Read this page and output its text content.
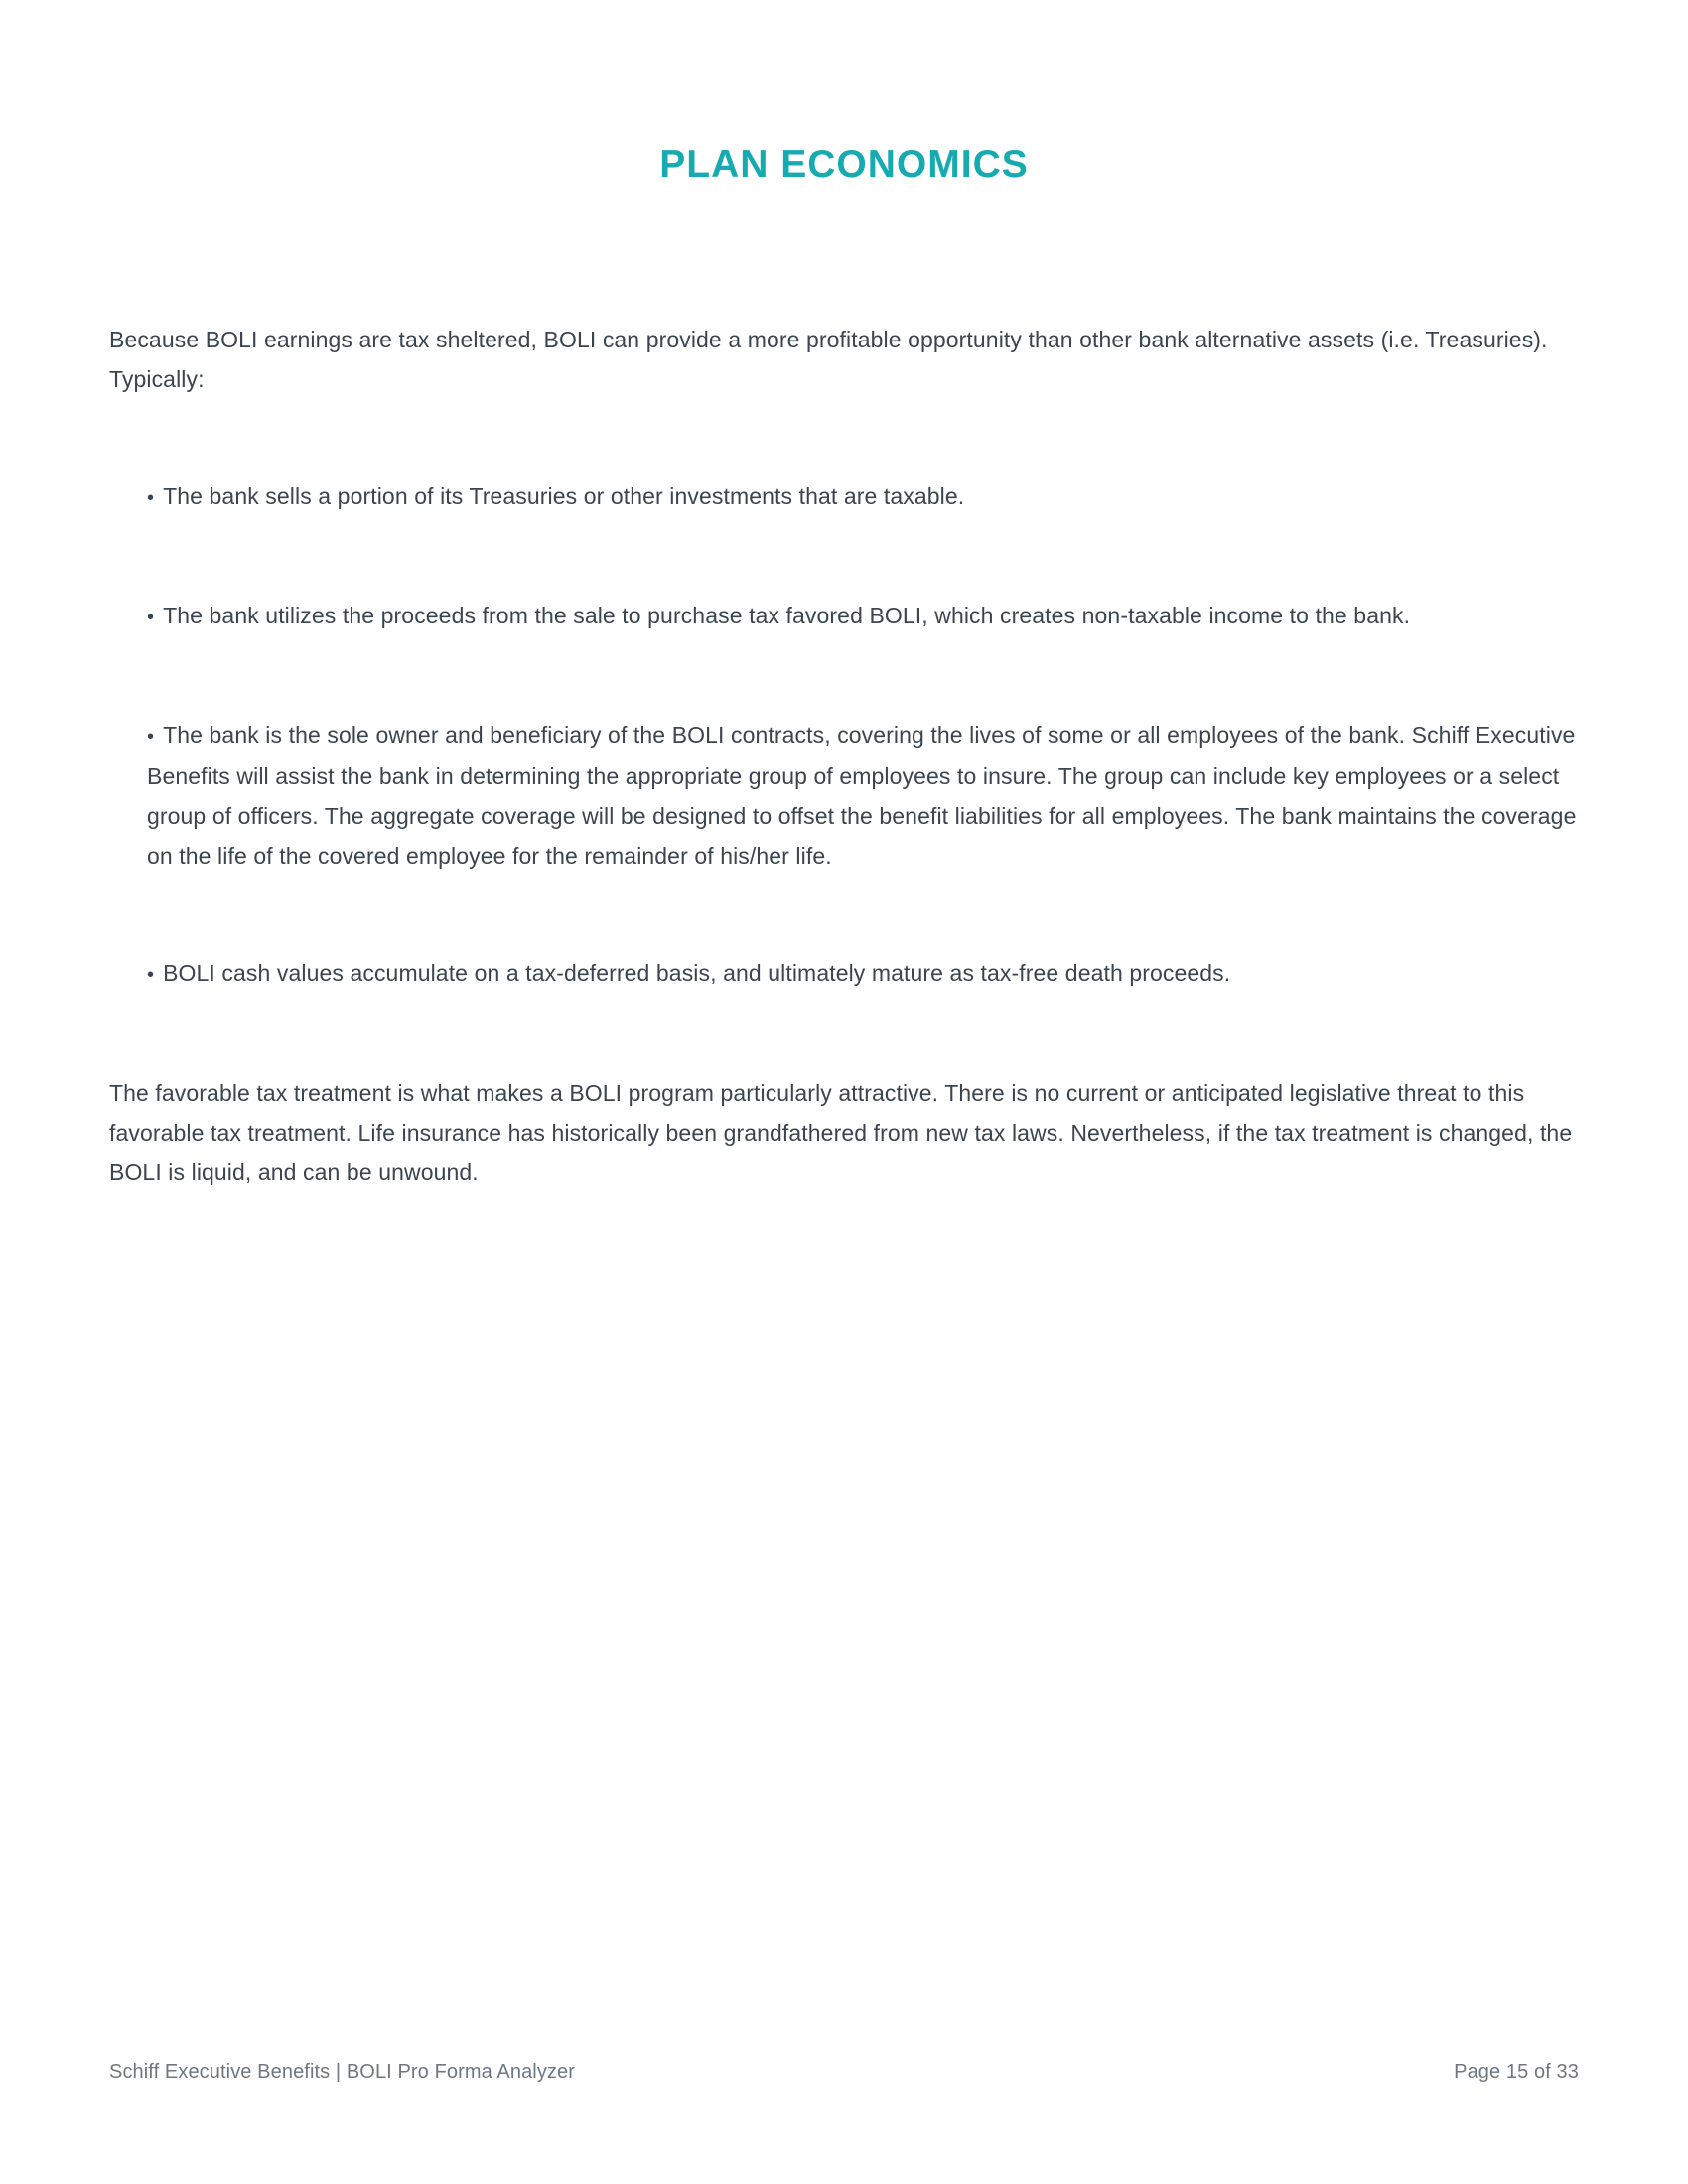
PLAN ECONOMICS

Because BOLI earnings are tax sheltered, BOLI can provide a more profitable opportunity than other bank alternative assets (i.e. Treasuries). Typically:

• The bank sells a portion of its Treasuries or other investments that are taxable.
• The bank utilizes the proceeds from the sale to purchase tax favored BOLI, which creates non-taxable income to the bank.
• The bank is the sole owner and beneficiary of the BOLI contracts, covering the lives of some or all employees of the bank. Schiff Executive Benefits will assist the bank in determining the appropriate group of employees to insure. The group can include key employees or a select group of officers. The aggregate coverage will be designed to offset the benefit liabilities for all employees. The bank maintains the coverage on the life of the covered employee for the remainder of his/her life.
• BOLI cash values accumulate on a tax-deferred basis, and ultimately mature as tax-free death proceeds.

The favorable tax treatment is what makes a BOLI program particularly attractive. There is no current or anticipated legislative threat to this favorable tax treatment. Life insurance has historically been grandfathered from new tax laws. Nevertheless, if the tax treatment is changed, the BOLI is liquid, and can be unwound.

Schiff Executive Benefits | BOLI Pro Forma Analyzer	Page 15 of 33
